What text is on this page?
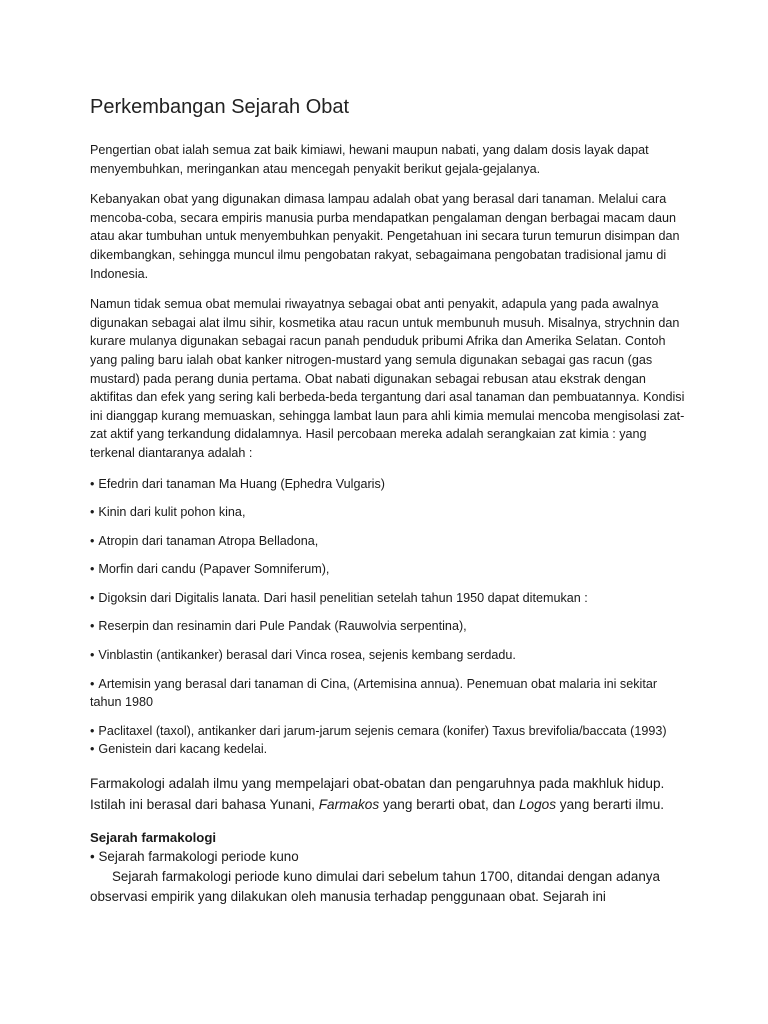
Perkembangan Sejarah Obat

Pengertian obat ialah semua zat baik kimiawi, hewani maupun nabati, yang dalam dosis layak dapat menyembuhkan, meringankan atau mencegah penyakit berikut gejala-gejalanya.

Kebanyakan obat yang digunakan dimasa lampau adalah obat yang berasal dari tanaman. Melalui cara mencoba-coba, secara empiris manusia purba mendapatkan pengalaman dengan berbagai macam daun atau akar tumbuhan untuk menyembuhkan penyakit. Pengetahuan ini secara turun temurun disimpan dan dikembangkan, sehingga muncul ilmu pengobatan rakyat, sebagaimana pengobatan tradisional jamu di Indonesia.

Namun tidak semua obat memulai riwayatnya sebagai obat anti penyakit, adapula yang pada awalnya digunakan sebagai alat ilmu sihir, kosmetika atau racun untuk membunuh musuh. Misalnya, strychnin dan kurare mulanya digunakan sebagai racun panah penduduk pribumi Afrika dan Amerika Selatan. Contoh yang paling baru ialah obat kanker nitrogen-mustard yang semula digunakan sebagai gas racun (gas mustard) pada perang dunia pertama. Obat nabati digunakan sebagai rebusan atau ekstrak dengan aktifitas dan efek yang sering kali berbeda-beda tergantung dari asal tanaman dan pembuatannya. Kondisi ini dianggap kurang memuaskan, sehingga lambat laun para ahli kimia memulai mencoba mengisolasi zat-zat aktif yang terkandung didalamnya. Hasil percobaan mereka adalah serangkaian zat kimia : yang terkenal diantaranya adalah :

• Efedrin dari tanaman Ma Huang (Ephedra Vulgaris)
• Kinin dari kulit pohon kina,
• Atropin dari tanaman Atropa Belladona,
• Morfin dari candu (Papaver Somniferum),
• Digoksin dari Digitalis lanata. Dari hasil penelitian setelah tahun 1950 dapat ditemukan :
• Reserpin dan resinamin dari Pule Pandak (Rauwolvia serpentina),
• Vinblastin (antikanker) berasal dari Vinca rosea, sejenis kembang serdadu.
• Artemisin yang berasal dari tanaman di Cina, (Artemisina annua). Penemuan obat malaria ini sekitar tahun 1980
• Paclitaxel (taxol), antikanker dari jarum-jarum sejenis cemara (konifer) Taxus brevifolia/baccata (1993)
• Genistein dari kacang kedelai.

Farmakologi adalah ilmu yang mempelajari obat-obatan dan pengaruhnya pada makhluk hidup. Istilah ini berasal dari bahasa Yunani, Farmakos yang berarti obat, dan Logos yang berarti ilmu.

Sejarah farmakologi

• Sejarah farmakologi periode kuno

Sejarah farmakologi periode kuno dimulai dari sebelum tahun 1700, ditandai dengan adanya observasi empirik yang dilakukan oleh manusia terhadap penggunaan obat. Sejarah ini
